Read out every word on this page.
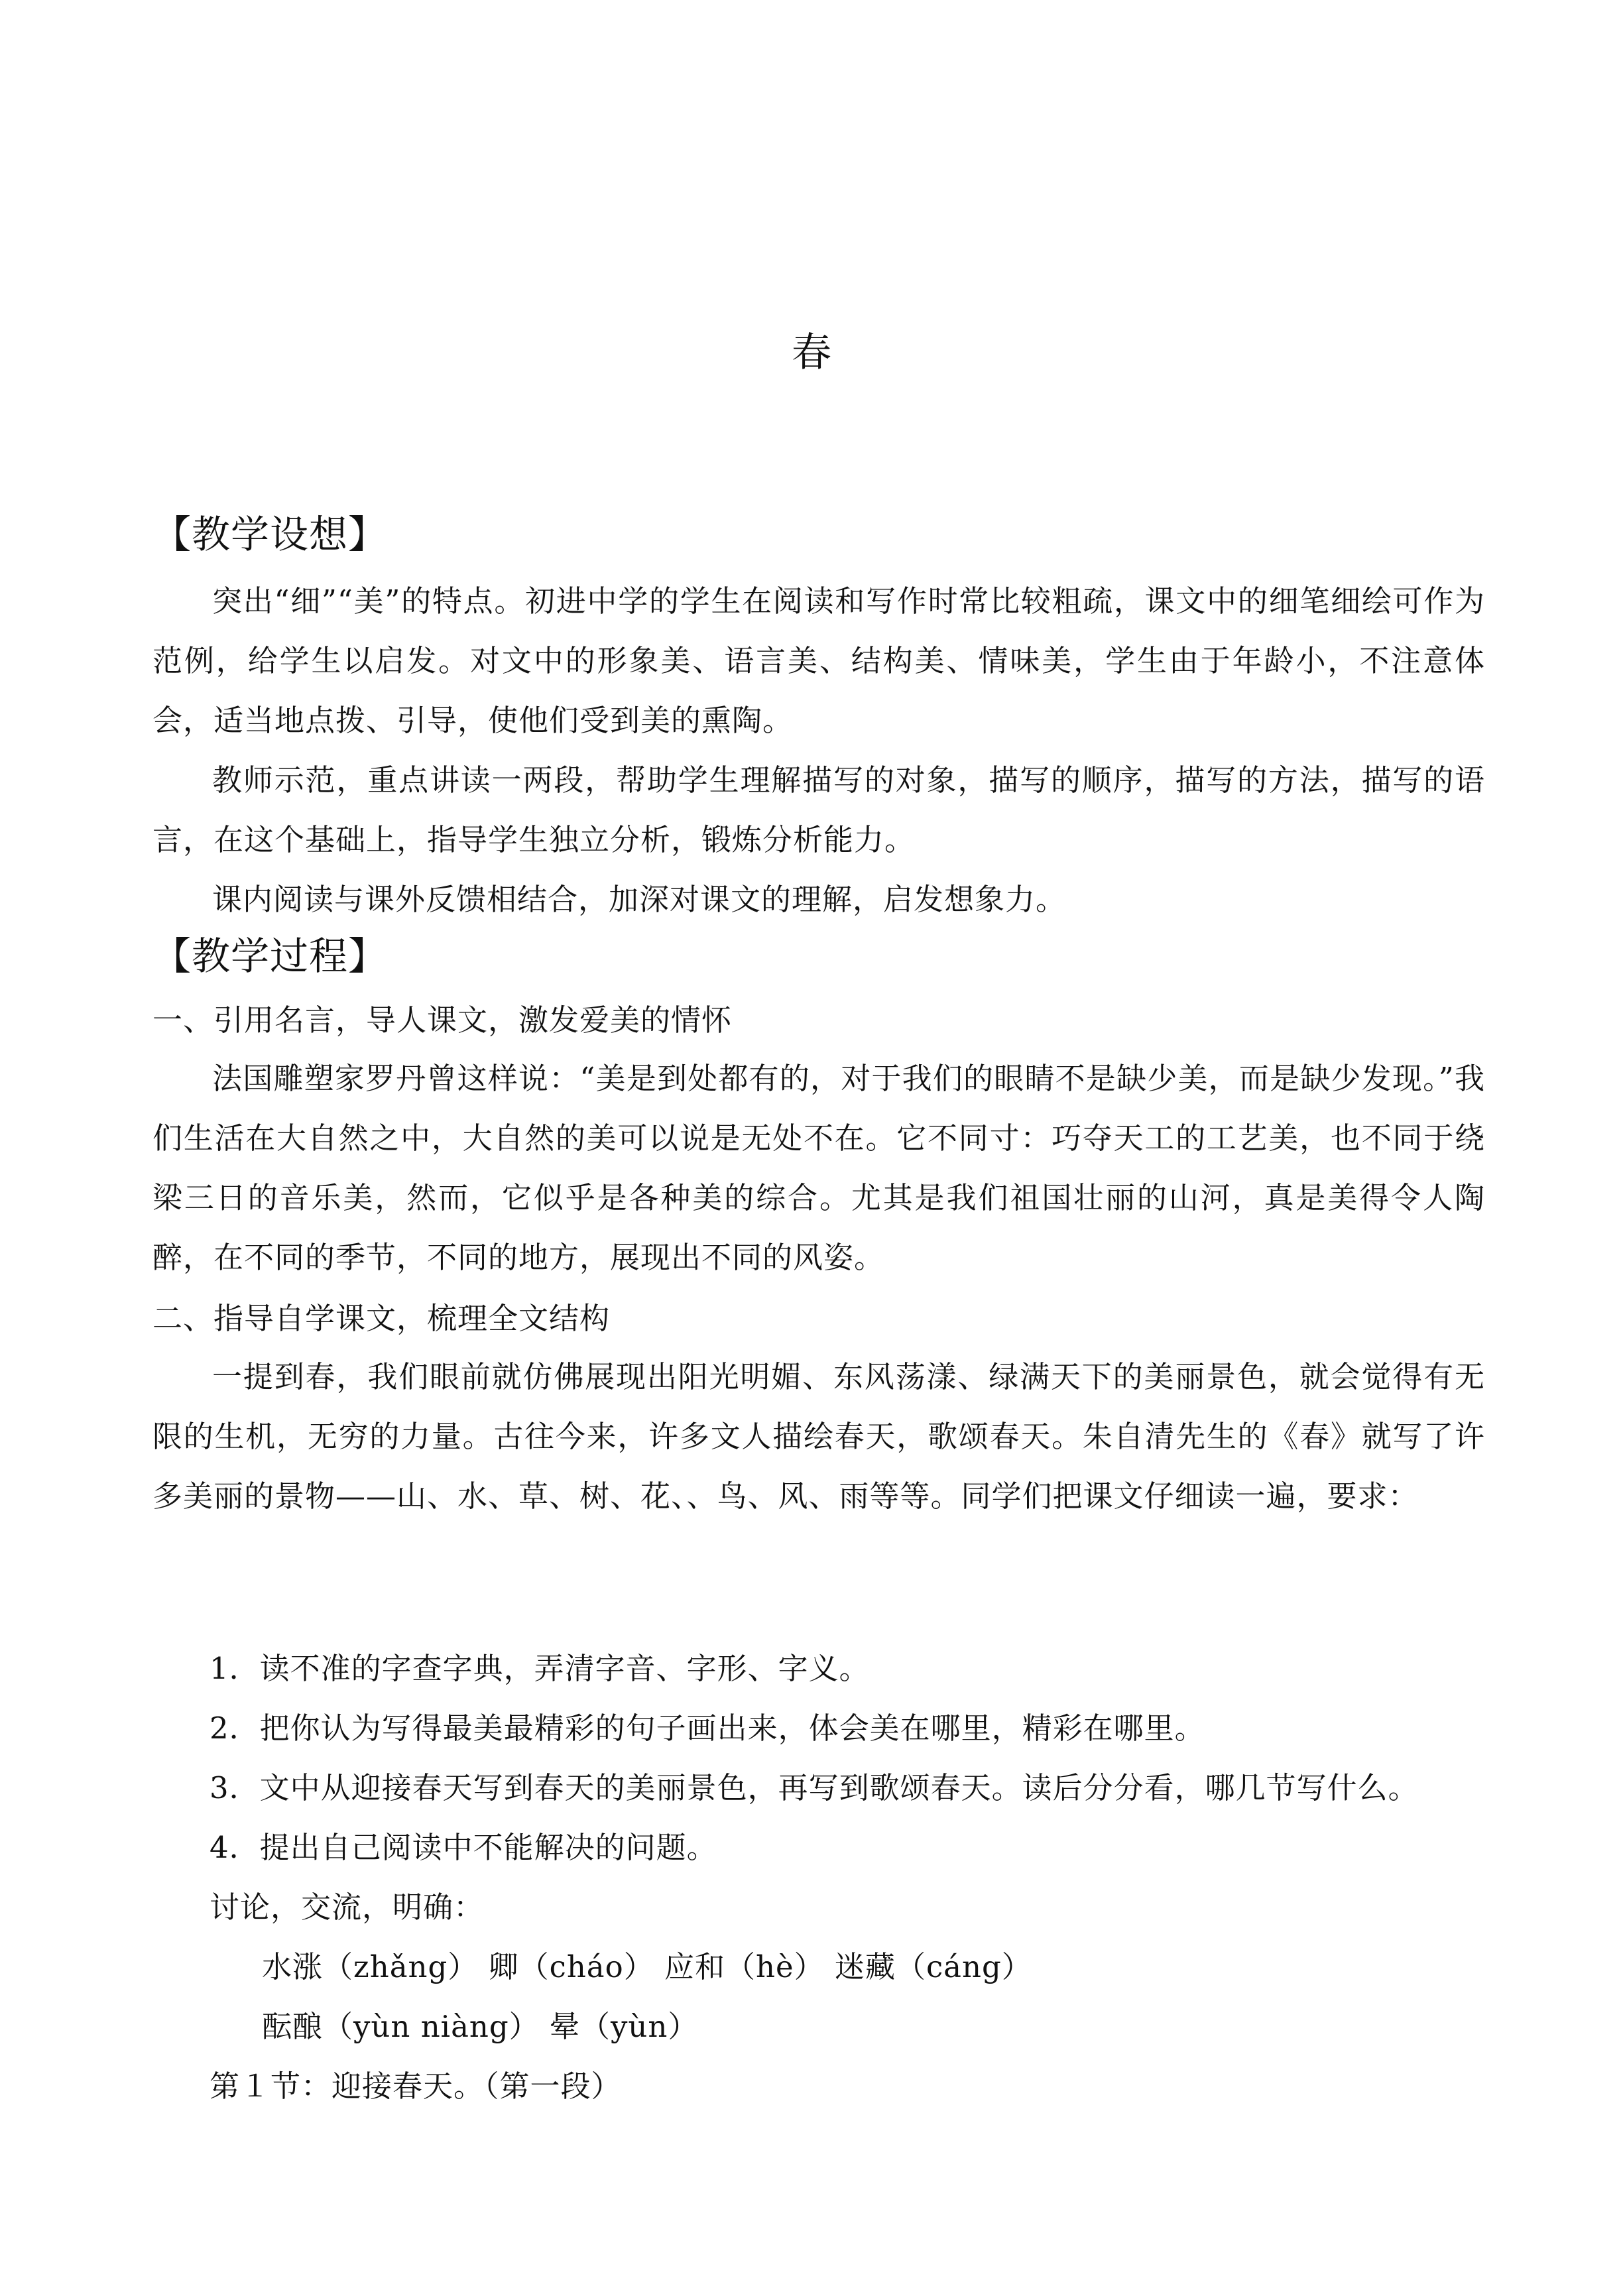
春
【教学设想】

突出“细”“美”的特点。初进中学的学生在阅读和写作时常比较粗疏，课文中的细笔细绘可作为范例，给学生以启发。对文中的形象美、语言美、结构美、情味美，学生由于年龄小，不注意体会，适当地点拨、引导，使他们受到美的熏陶。

教师示范，重点讲读一两段，帮助学生理解描写的对象，描写的顺序，描写的方法，描写的语言，在这个基础上，指导学生独立分析，锻炼分析能力。

课内阅读与课外反馈相结合，加深对课文的理解，启发想象力。

【教学过程】
一、引用名言，导人课文，激发爱美的情怀

法国雕塑家罗丹曾这样说：“美是到处都有的，对于我们的眼睛不是缺少美，而是缺少发现。”我们生活在大自然之中，大自然的美可以说是无处不在。它不同寸：巧夺天工的工艺美，也不同于绕梁三日的音乐美，然而，它似乎是各种美的综合。尤其是我们祖国壮丽的山河，真是美得令人陶醉，在不同的季节，不同的地方，展现出不同的风姿。

二、指导自学课文，梳理全文结构

一提到春，我们眼前就仿佛展现出阳光明媚、东风荡漾、绿满天下的美丽景色，就会觉得有无限的生机，无穷的力量。古往今来，许多文人描绘春天，歌颂春天。朱自清先生的《春》就写了许多美丽的景物——山、水、草、树、花、、鸟、风、雨等等。同学们把课文仔细读一遍，要求：

1．读不准的字查字典，弄清字音、字形、字义。
2．把你认为写得最美最精彩的句子画出来，体会美在哪里，精彩在哪里。
3．文中从迎接春天写到春天的美丽景色，再写到歌颂春天。读后分分看，哪几节写什么。
4．提出自己阅读中不能解决的问题。
讨论，交流，明确：
水涨（zhǎng） 卿（cháo） 应和（hè） 迷藏（cáng）
酝酿（yùn niàng） 晕（yùn）
第１节：迎接春天。（第一段）
